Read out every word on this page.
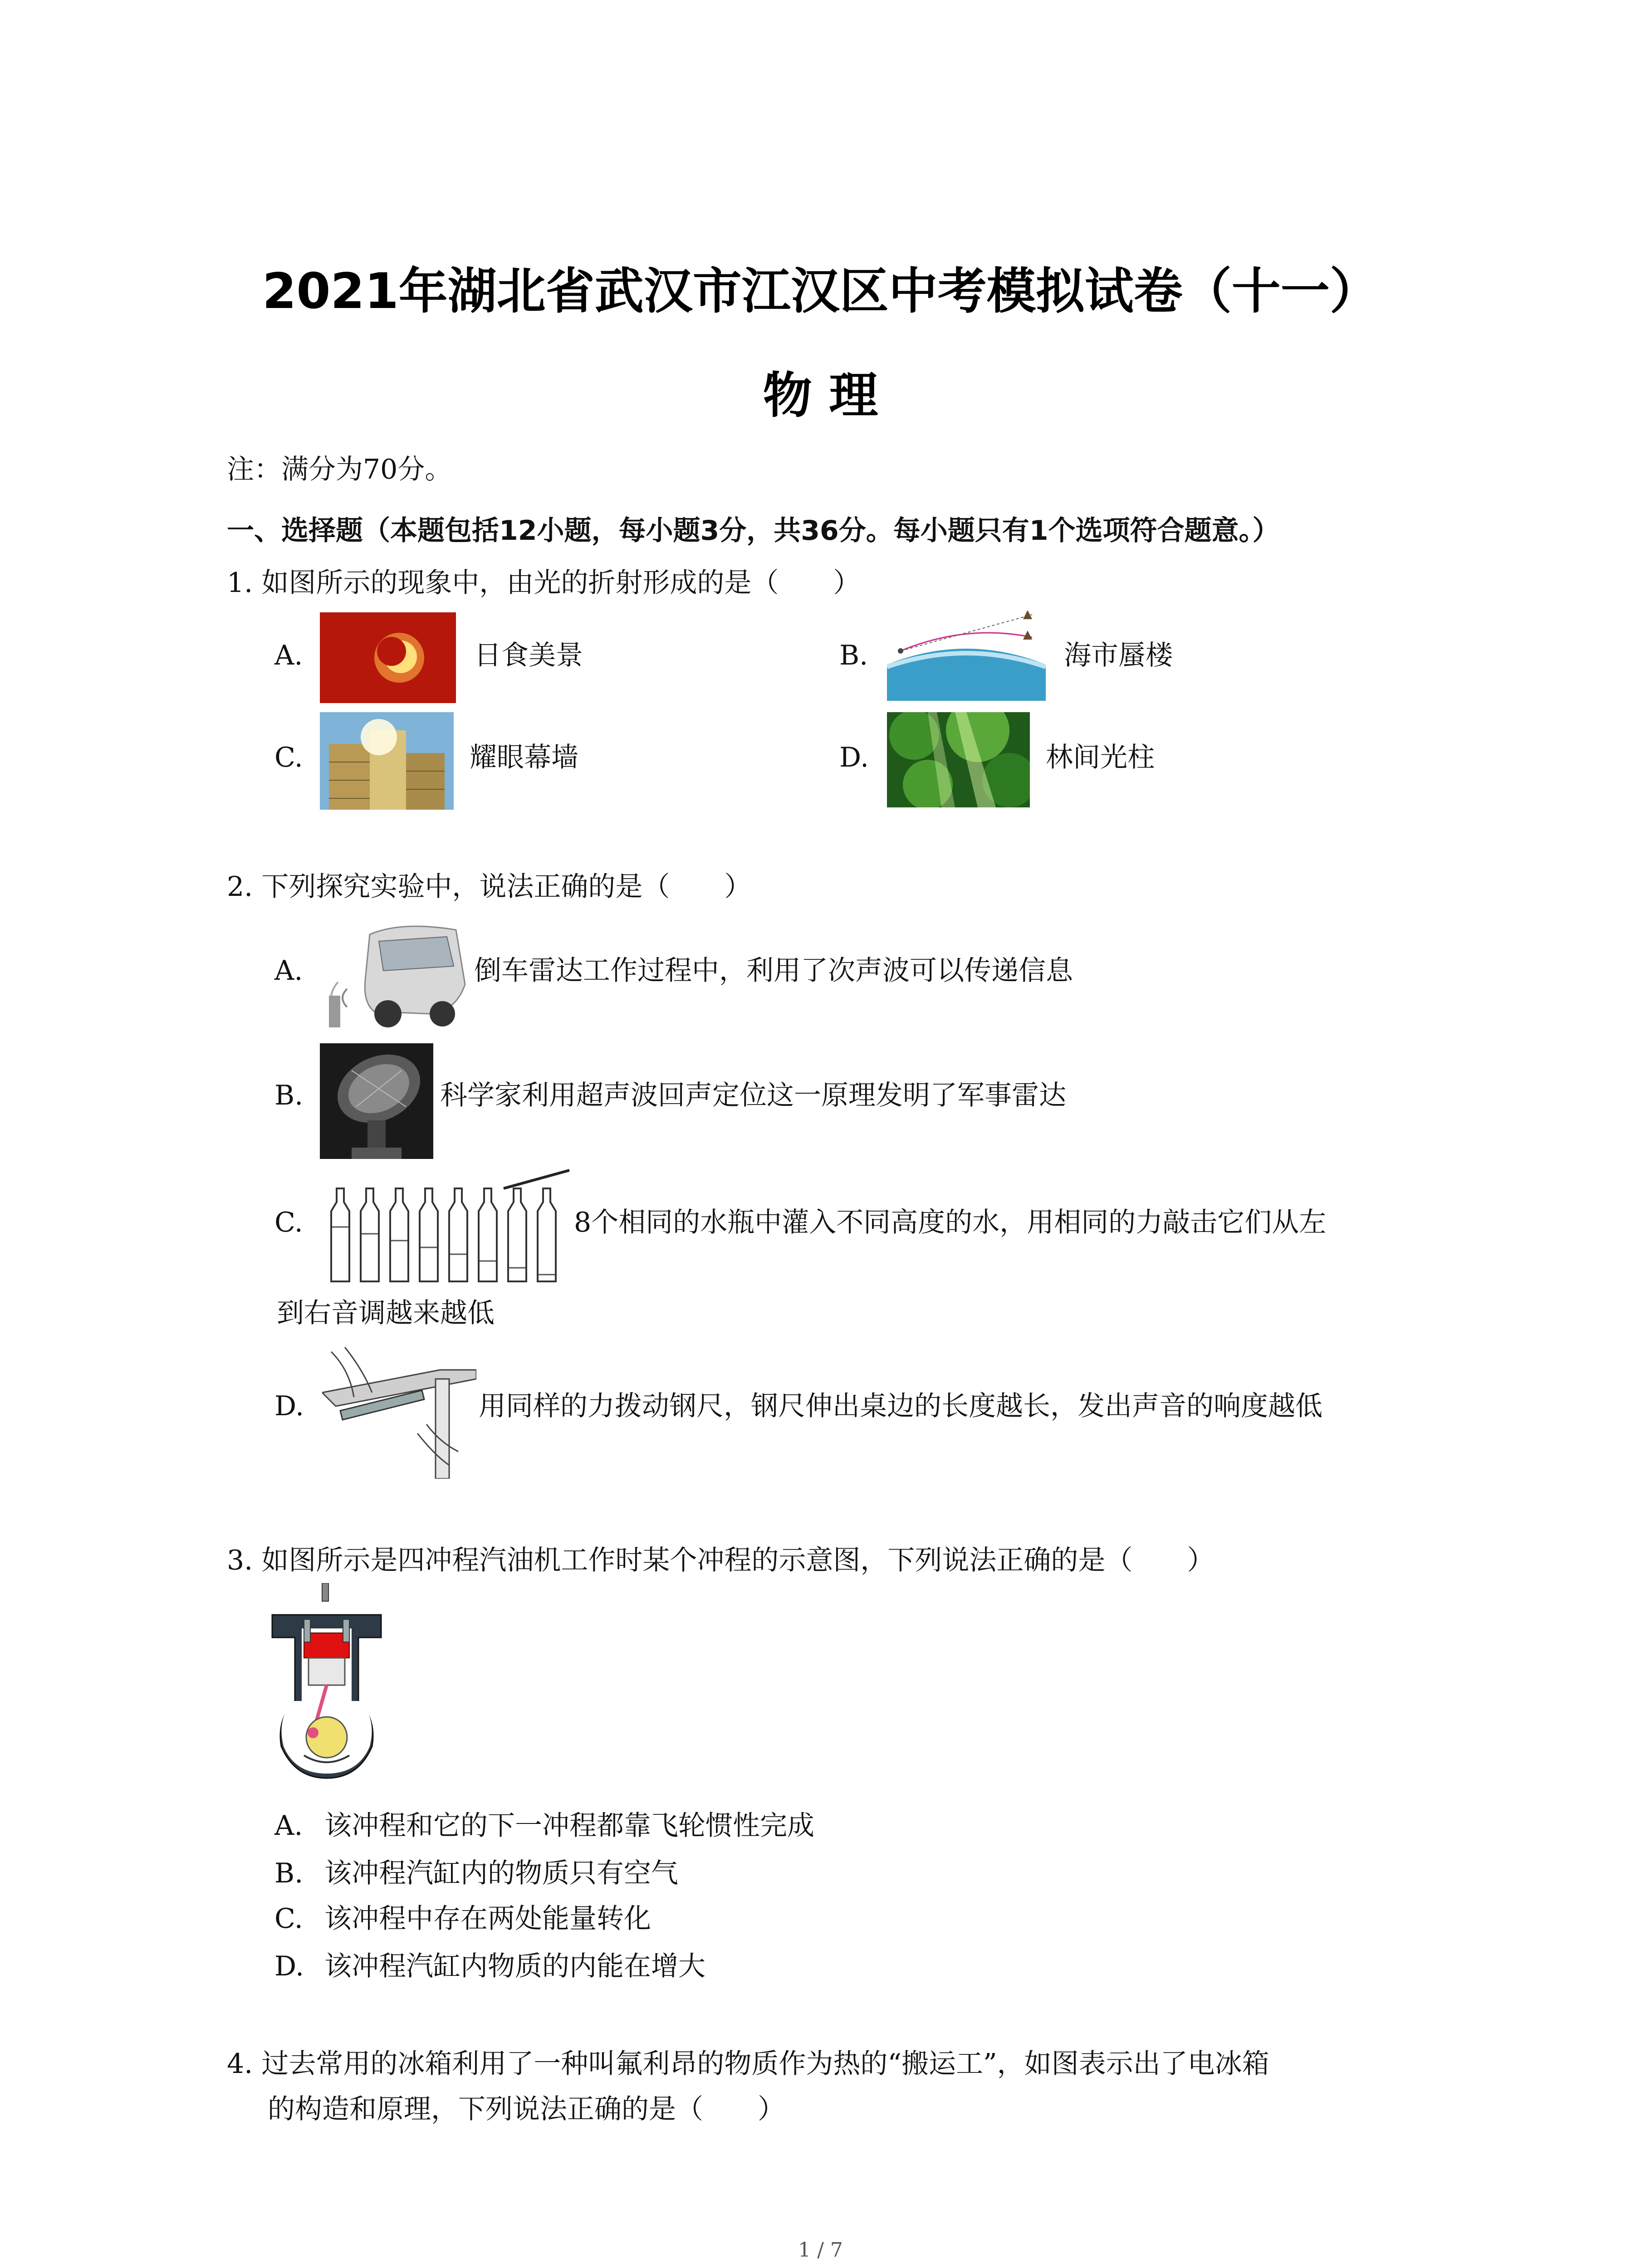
2021年湖北省武汉市江汉区中考模拟试卷（十一）
物 理
注：满分为70分。
一、选择题（本题包括12小题，每小题3分，共36分。每小题只有1个选项符合题意。）
1. 如图所示的现象中，由光的折射形成的是（　　）
A.	日食美景	B.	海市蜃楼
C.	耀眼幕墙	D.	林间光柱
2. 下列探究实验中，说法正确的是（　　）
A.	倒车雷达工作过程中，利用了次声波可以传递信息
B.	科学家利用超声波回声定位这一原理发明了军事雷达
C.	8个相同的水瓶中灌入不同高度的水，用相同的力敲击它们从左
到右音调越来越低
D.	用同样的力拨动钢尺，钢尺伸出桌边的长度越长，发出声音的响度越低
3. 如图所示是四冲程汽油机工作时某个冲程的示意图，下列说法正确的是（　　）
A. 该冲程和它的下一冲程都靠飞轮惯性完成
B. 该冲程汽缸内的物质只有空气
C. 该冲程中存在两处能量转化
D. 该冲程汽缸内物质的内能在增大
4. 过去常用的冰箱利用了一种叫氟利昂的物质作为热的“搬运工”，如图表示出了电冰箱
的构造和原理，下列说法正确的是（　　）
1 / 7
